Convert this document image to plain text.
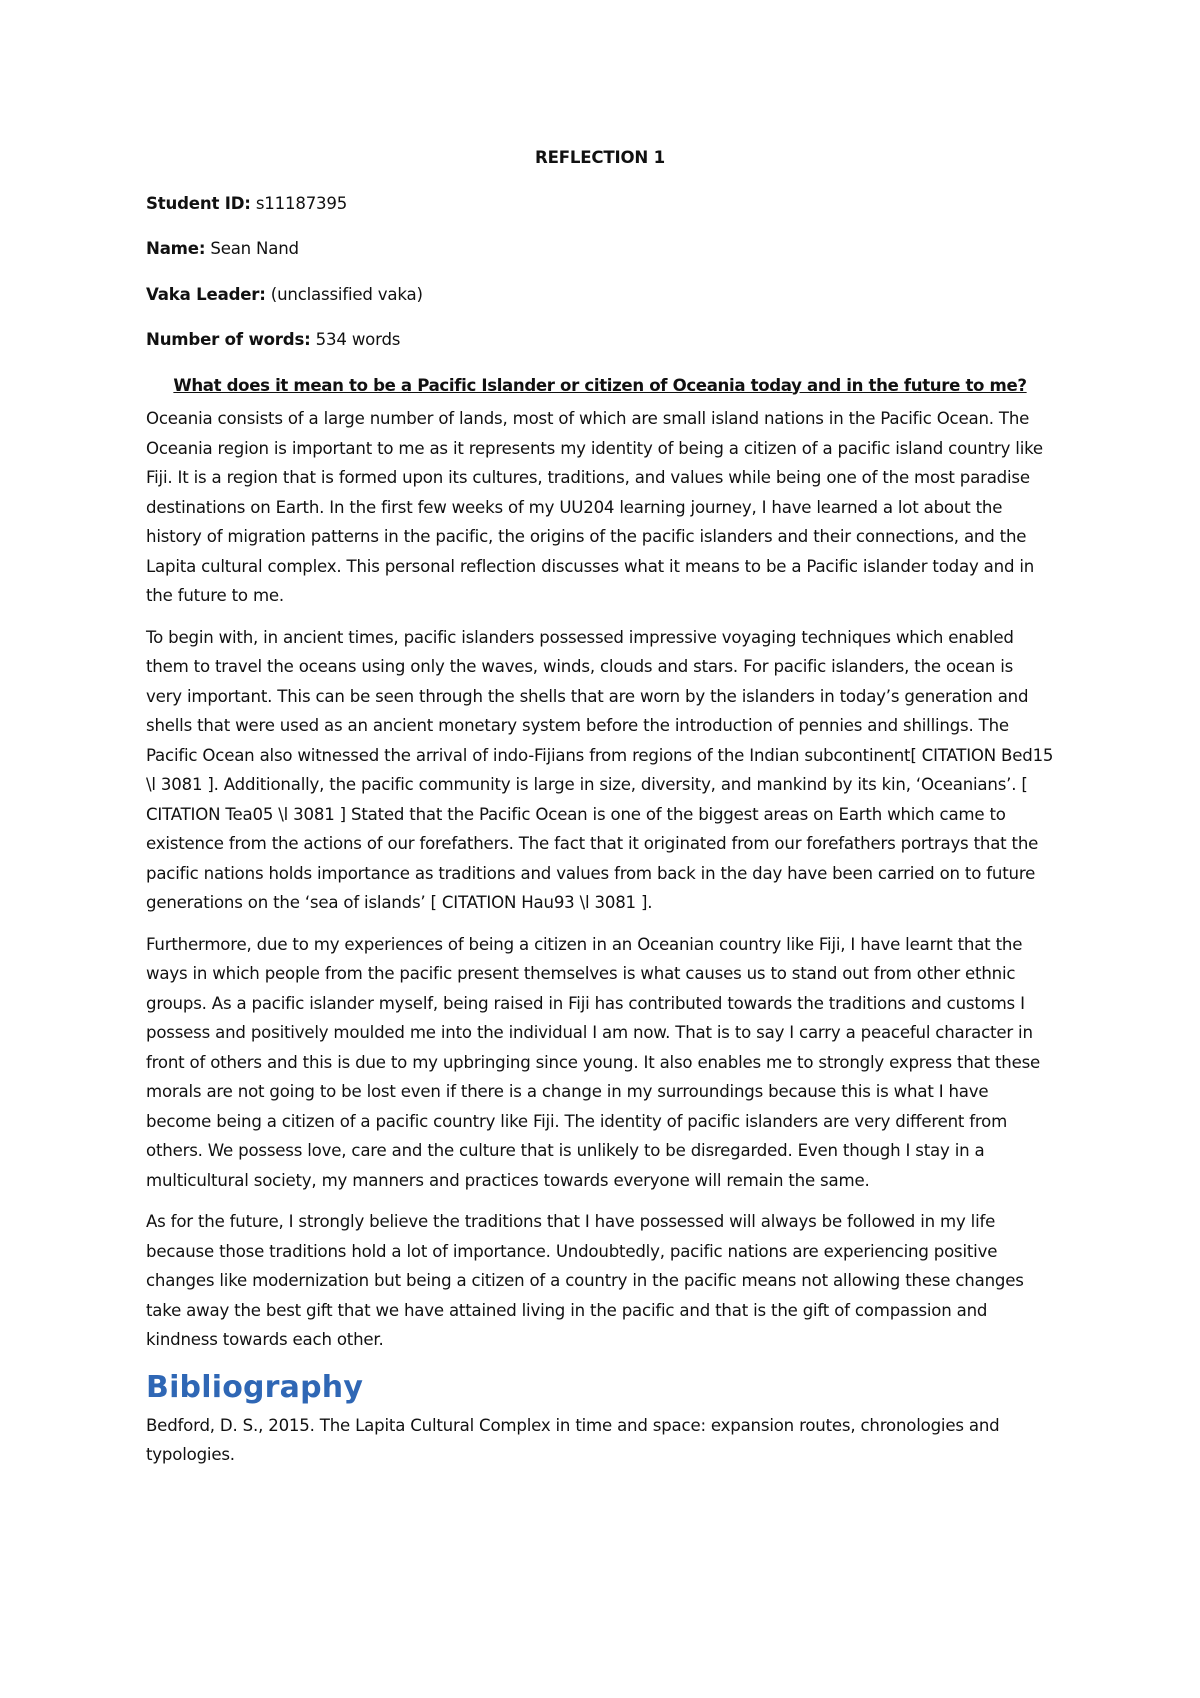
REFLECTION 1

Student ID: s11187395

Name: Sean Nand

Vaka Leader: (unclassified vaka)

Number of words: 534 words

What does it mean to be a Pacific Islander or citizen of Oceania today and in the future to me?

Oceania consists of a large number of lands, most of which are small island nations in the Pacific Ocean. The Oceania region is important to me as it represents my identity of being a citizen of a pacific island country like Fiji. It is a region that is formed upon its cultures, traditions, and values while being one of the most paradise destinations on Earth. In the first few weeks of my UU204 learning journey, I have learned a lot about the history of migration patterns in the pacific, the origins of the pacific islanders and their connections, and the Lapita cultural complex. This personal reflection discusses what it means to be a Pacific islander today and in the future to me.

To begin with, in ancient times, pacific islanders possessed impressive voyaging techniques which enabled them to travel the oceans using only the waves, winds, clouds and stars. For pacific islanders, the ocean is very important. This can be seen through the shells that are worn by the islanders in today’s generation and shells that were used as an ancient monetary system before the introduction of pennies and shillings. The Pacific Ocean also witnessed the arrival of indo-Fijians from regions of the Indian subcontinent[ CITATION Bed15 \l 3081 ]. Additionally, the pacific community is large in size, diversity, and mankind by its kin, ‘Oceanians’. [ CITATION Tea05 \l 3081 ] Stated that the Pacific Ocean is one of the biggest areas on Earth which came to existence from the actions of our forefathers. The fact that it originated from our forefathers portrays that the pacific nations holds importance as traditions and values from back in the day have been carried on to future generations on the ‘sea of islands’ [ CITATION Hau93 \l 3081 ].

Furthermore, due to my experiences of being a citizen in an Oceanian country like Fiji, I have learnt that the ways in which people from the pacific present themselves is what causes us to stand out from other ethnic groups. As a pacific islander myself, being raised in Fiji has contributed towards the traditions and customs I possess and positively moulded me into the individual I am now. That is to say I carry a peaceful character in front of others and this is due to my upbringing since young. It also enables me to strongly express that these morals are not going to be lost even if there is a change in my surroundings because this is what I have become being a citizen of a pacific country like Fiji. The identity of pacific islanders are very different from others. We possess love, care and the culture that is unlikely to be disregarded. Even though I stay in a multicultural society, my manners and practices towards everyone will remain the same.

As for the future, I strongly believe the traditions that I have possessed will always be followed in my life because those traditions hold a lot of importance. Undoubtedly, pacific nations are experiencing positive changes like modernization but being a citizen of a country in the pacific means not allowing these changes take away the best gift that we have attained living in the pacific and that is the gift of compassion and kindness towards each other.

Bibliography

Bedford, D. S., 2015. The Lapita Cultural Complex in time and space: expansion routes, chronologies and typologies.
